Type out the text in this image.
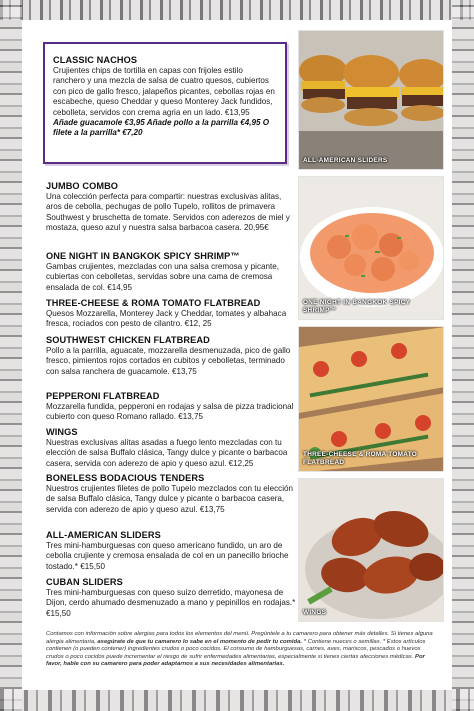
CLASSIC NACHOS
Crujientes chips de tortilla en capas con frijoles estilo ranchero y una mezcla de salsa de cuatro quesos, cubiertos con pico de gallo fresco, jalapeños picantes, cebollas rojas en escabeche, queso Cheddar y queso Monterey Jack fundidos, cebolleta, servidos con crema agria en un lado. €13,95
Añade guacamole €3,95 Añade pollo a la parrilla €4,95 O filete a la parrilla* €7,20
JUMBO COMBO
Una colección perfecta para compartir: nuestras exclusivas alitas, aros de cebolla, pechugas de pollo Tupelo, rollitos de primavera Southwest y bruschetta de tomate. Servidos con aderezos de miel y mostaza, queso azul y nuestra salsa barbacoa casera. 20,95€
ONE NIGHT IN BANGKOK SPICY SHRIMP™
Gambas crujientes, mezcladas con una salsa cremosa y picante, cubiertas con cebolletas, servidas sobre una cama de cremosa ensalada de col. €14,95
THREE-CHEESE & ROMA TOMATO FLATBREAD
Quesos Mozzarella, Monterey Jack y Cheddar, tomates y albahaca fresca, rociados con pesto de cilantro. €12, 25
SOUTHWEST CHICKEN FLATBREAD
Pollo a la parrilla, aguacate, mozzarella desmenuzada, pico de gallo fresco, pimientos rojos cortados en cubitos y cebolletas, terminado con salsa ranchera de guacamole. €13,75
PEPPERONI FLATBREAD
Mozzarella fundida, pepperoni en rodajas y salsa de pizza tradicional cubierto con queso Romano rallado. €13,75
WINGS
Nuestras exclusivas alitas asadas a fuego lento mezcladas con tu elección de salsa Buffalo clásica, Tangy dulce y picante o barbacoa casera, servida con aderezo de apio y queso azul. €12,25
BONELESS BODACIOUS TENDERS
Nuestros crujientes filetes de pollo Tupelo mezclados con tu elección de salsa Buffalo clásica, Tangy dulce y picante o barbacoa casera, servida con aderezo de apio y queso azul. €13,75
ALL-AMERICAN SLIDERS
Tres mini-hamburguesas con queso americano fundido, un aro de cebolla crujiente y cremosa ensalada de col en un panecillo brioche tostado.* €15,50
CUBAN SLIDERS
Tres mini-hamburguesas con queso suizo derretido, mayonesa de Dijon, cerdo ahumado desmenuzado a mano y pepinillos en rodajas.* €15,50
ALL-AMERICAN SLIDERS
ONE NIGHT IN BANGKOK SPICY SHRIMP™
THREE-CHEESE & ROMA TOMATO FLATBREAD
WINGS
Contamos con información sobre alergias para todos los elementos del menú. Pregúntele a tu camarero para obtener más detalles. Si tienes alguna alergia alimentaria, asegúrate de que tu camarero lo sabe en el momento de pedir tu comida. * Contiene nueces o semillas. * Estos artículos contienen (o pueden contener) ingredientes crudos o poco cocidos. El consumo de hamburguesas, carnes, aves, mariscos, pescados o huevos crudos o poco cocidos puede incrementar el riesgo de sufrir enfermedades alimentarias, especialmente si tienes ciertas afecciones médicas. Por favor, hable con su camarero para poder adaptarnos a sus necesidades alimentarias.
